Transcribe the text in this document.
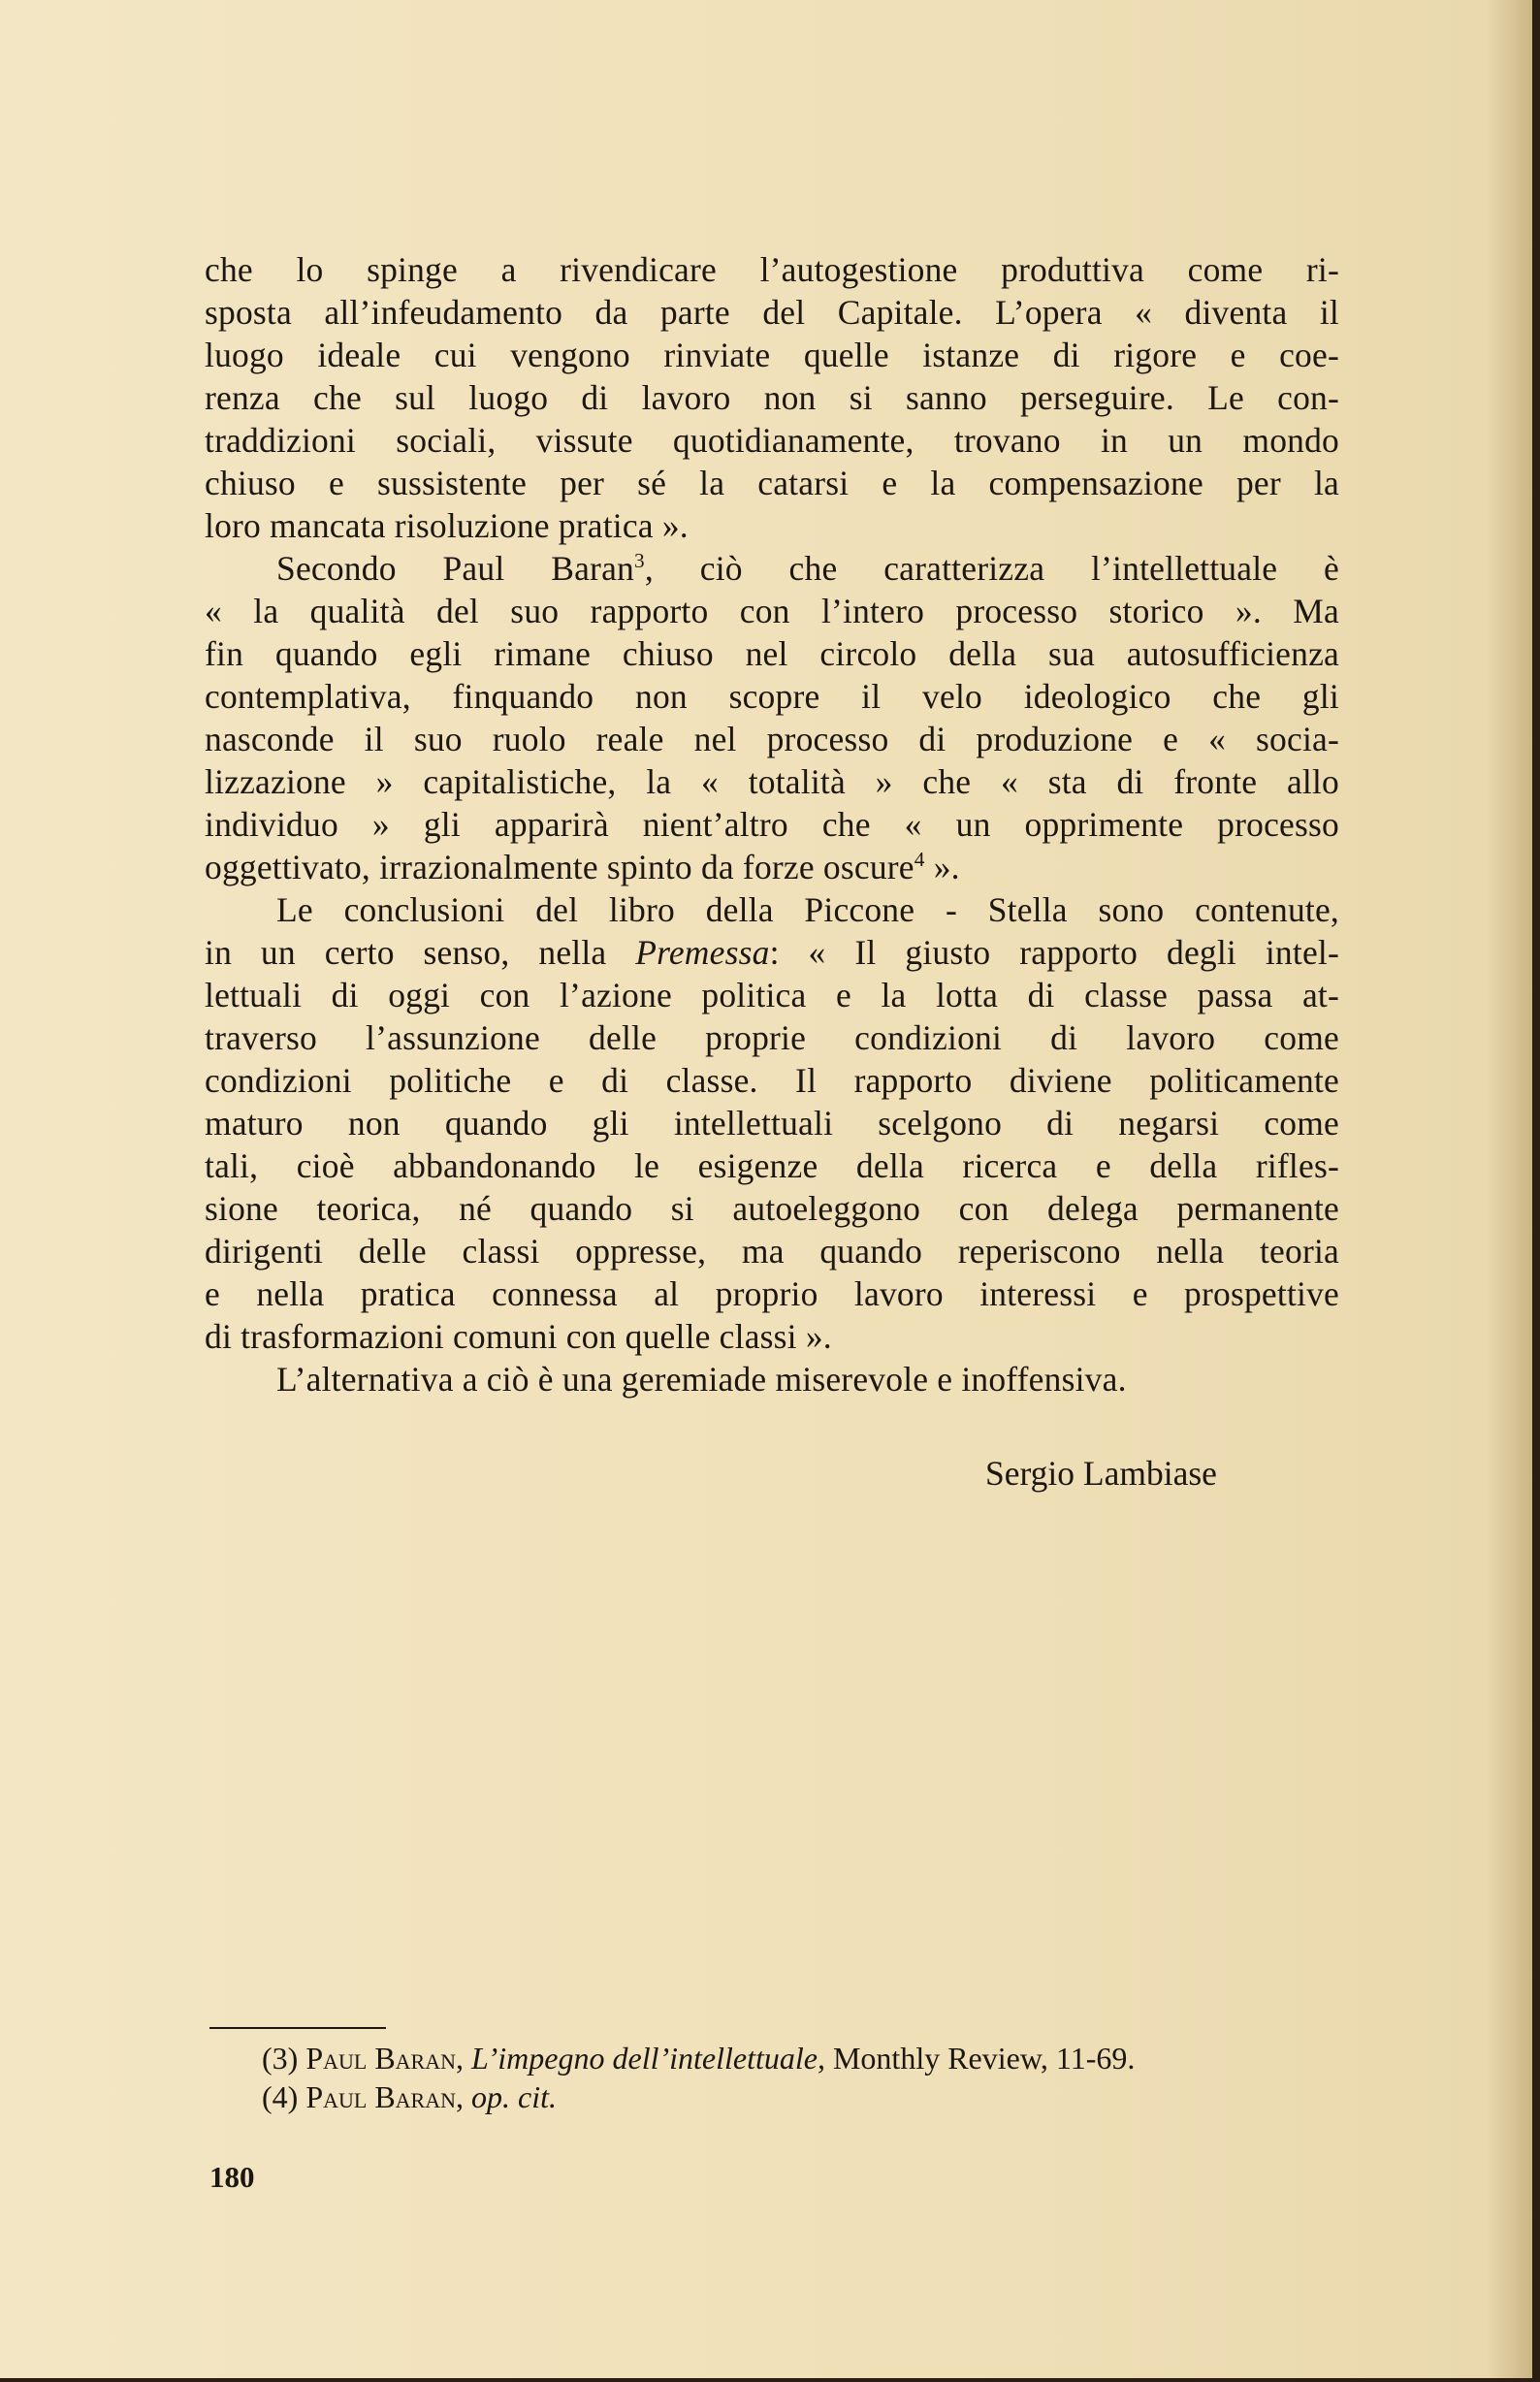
che lo spinge a rivendicare l’autogestione produttiva come ri-
sposta all’infeudamento da parte del Capitale. L’opera « diventa il
luogo ideale cui vengono rinviate quelle istanze di rigore e coe-
renza che sul luogo di lavoro non si sanno perseguire. Le con-
traddizioni sociali, vissute quotidianamente, trovano in un mondo
chiuso e sussistente per sé la catarsi e la compensazione per la
loro mancata risoluzione pratica ».
Secondo Paul Baran$^3$, ciò che caratterizza l’intellettuale è
« la qualità del suo rapporto con l’intero processo storico ». Ma
fin quando egli rimane chiuso nel circolo della sua autosufficienza
contemplativa, finquando non scopre il velo ideologico che gli
nasconde il suo ruolo reale nel processo di produzione e « socia-
lizzazione » capitalistiche, la « totalità » che « sta di fronte allo
individuo » gli apparirà nient’altro che « un opprimente processo
oggettivato, irrazionalmente spinto da forze oscure$^4$ ».
Le conclusioni del libro della Piccone - Stella sono contenute,
in un certo senso, nella Premessa: « Il giusto rapporto degli intel-
lettuali di oggi con l’azione politica e la lotta di classe passa at-
traverso l’assunzione delle proprie condizioni di lavoro come
condizioni politiche e di classe. Il rapporto diviene politicamente
maturo non quando gli intellettuali scelgono di negarsi come
tali, cioè abbandonando le esigenze della ricerca e della rifles-
sione teorica, né quando si autoeleggono con delega permanente
dirigenti delle classi oppresse, ma quando reperiscono nella teoria
e nella pratica connessa al proprio lavoro interessi e prospettive
di trasformazioni comuni con quelle classi ».
L’alternativa a ciò è una geremiade miserevole e inoffensiva.
Sergio Lambiase
(3) Paul Baran, L’impegno dell’intellettuale, Monthly Review, 11-69.
(4) Paul Baran, op. cit.
180
